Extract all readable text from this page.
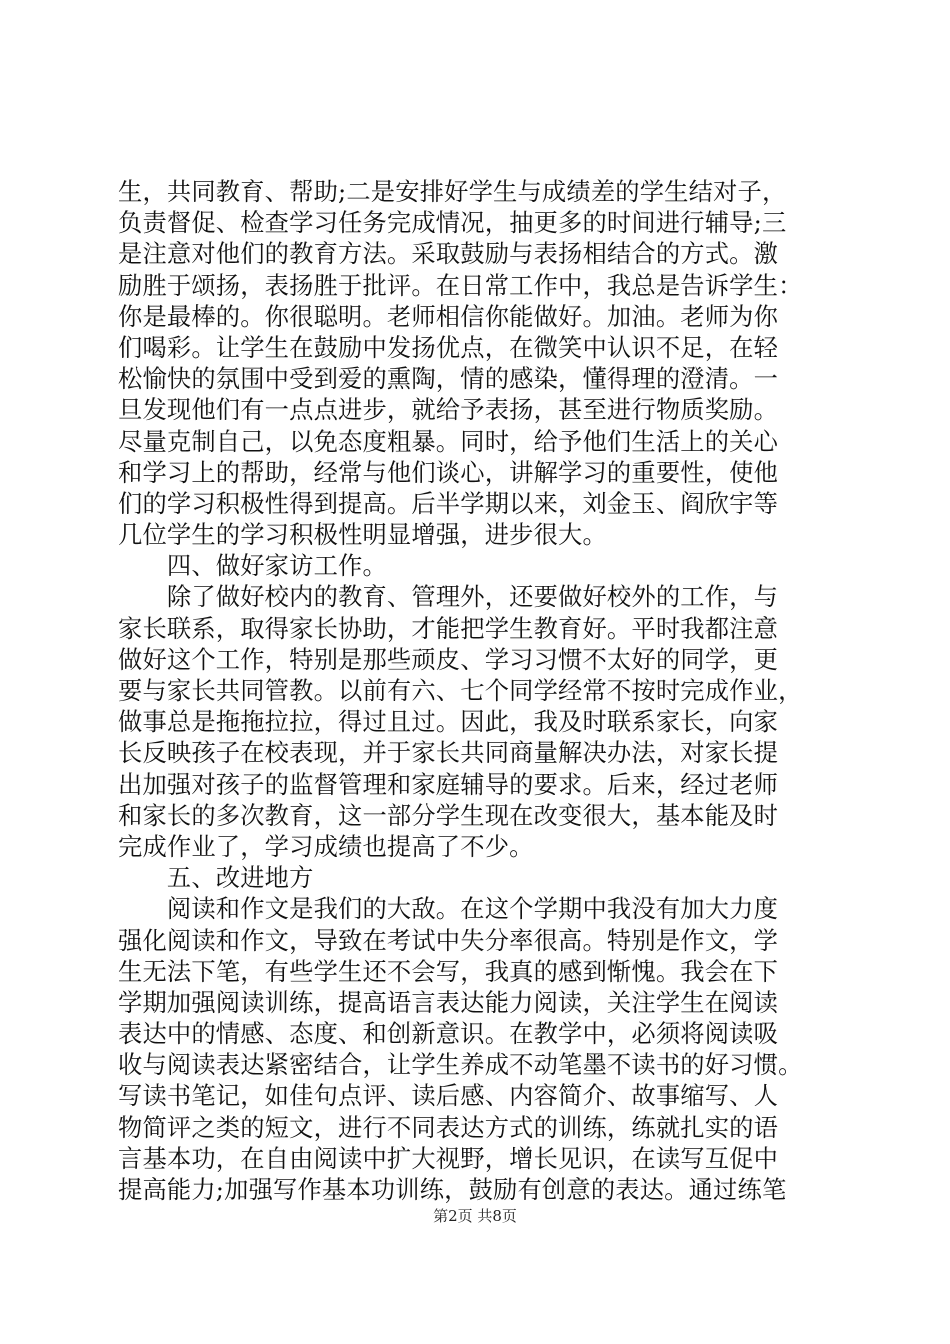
生，共同教育、帮助;二是安排好学生与成绩差的学生结对子，
负责督促、检查学习任务完成情况，抽更多的时间进行辅导;三
是注意对他们的教育方法。采取鼓励与表扬相结合的方式。激
励胜于颂扬，表扬胜于批评。在日常工作中，我总是告诉学生：
你是最棒的。你很聪明。老师相信你能做好。加油。老师为你
们喝彩。让学生在鼓励中发扬优点，在微笑中认识不足，在轻
松愉快的氛围中受到爱的熏陶，情的感染，懂得理的澄清。一
旦发现他们有一点点进步，就给予表扬，甚至进行物质奖励。
尽量克制自己，以免态度粗暴。同时，给予他们生活上的关心
和学习上的帮助，经常与他们谈心，讲解学习的重要性，使他
们的学习积极性得到提高。后半学期以来，刘金玉、阎欣宇等
几位学生的学习积极性明显增强，进步很大。
　　四、做好家访工作。
　　除了做好校内的教育、管理外，还要做好校外的工作，与
家长联系，取得家长协助，才能把学生教育好。平时我都注意
做好这个工作，特别是那些顽皮、学习习惯不太好的同学，更
要与家长共同管教。以前有六、七个同学经常不按时完成作业，
做事总是拖拖拉拉，得过且过。因此，我及时联系家长，向家
长反映孩子在校表现，并于家长共同商量解决办法，对家长提
出加强对孩子的监督管理和家庭辅导的要求。后来，经过老师
和家长的多次教育，这一部分学生现在改变很大，基本能及时
完成作业了，学习成绩也提高了不少。
　　五、改进地方
　　阅读和作文是我们的大敌。在这个学期中我没有加大力度
强化阅读和作文，导致在考试中失分率很高。特别是作文，学
生无法下笔，有些学生还不会写，我真的感到惭愧。我会在下
学期加强阅读训练，提高语言表达能力阅读，关注学生在阅读
表达中的情感、态度、和创新意识。在教学中，必须将阅读吸
收与阅读表达紧密结合，让学生养成不动笔墨不读书的好习惯。
写读书笔记，如佳句点评、读后感、内容简介、故事缩写、人
物简评之类的短文，进行不同表达方式的训练，练就扎实的语
言基本功，在自由阅读中扩大视野，增长见识，在读写互促中
提高能力;加强写作基本功训练，鼓励有创意的表达。通过练笔
第2页 共8页
